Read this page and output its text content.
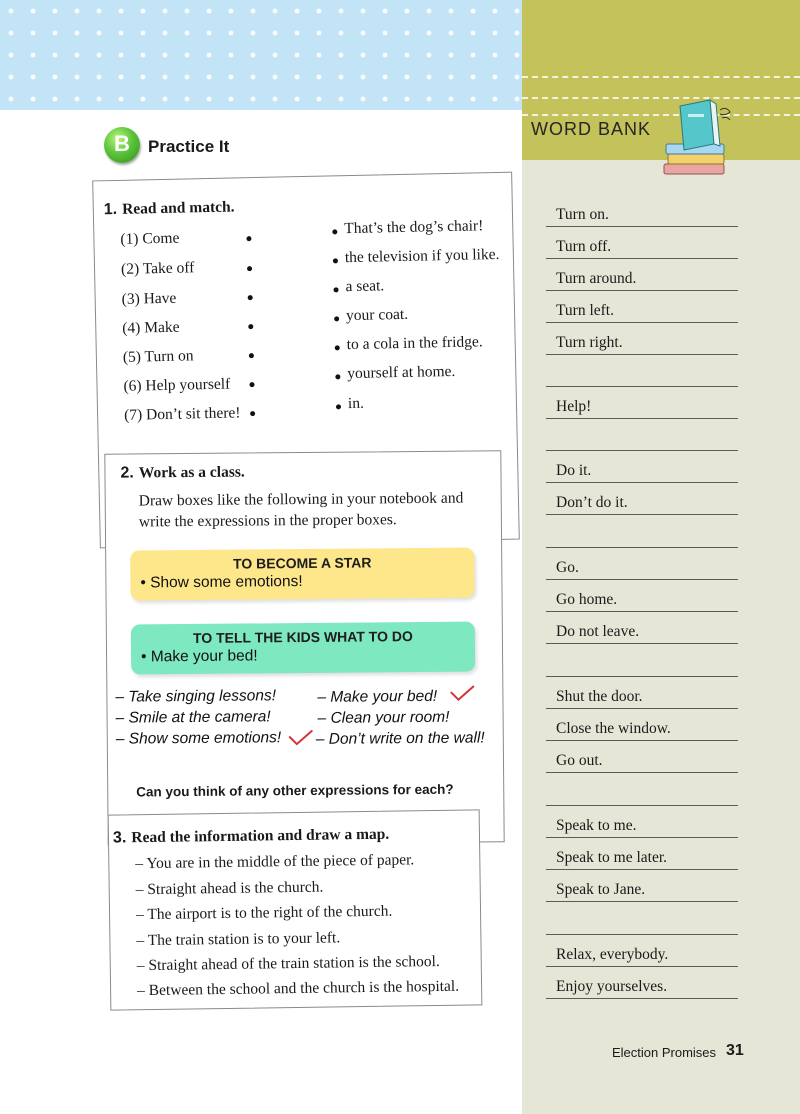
B	Practice It
1. Read and match.
(1) Come
(2) Take off
(3) Have
(4) Make
(5) Turn on
(6) Help yourself
(7) Don’t sit there!
That’s the dog’s chair!
the television if you like.
a seat.
your coat.
to a cola in the fridge.
yourself at home.
in.
2. Work as a class.
Draw boxes like the following in your notebook and write the expressions in the proper boxes.
TO BECOME A STAR
• Show some emotions!
TO TELL THE KIDS WHAT TO DO
• Make your bed!
– Take singing lessons!
– Smile at the camera!
– Show some emotions!
– Make your bed!
– Clean your room!
– Don’t write on the wall!
Can you think of any other expressions for each?
3. Read the information and draw a map.
– You are in the middle of the piece of paper.
– Straight ahead is the church.
– The airport is to the right of the church.
– The train station is to your left.
– Straight ahead of the train station is the school.
– Between the school and the church is the hospital.
WORD BANK
Turn on.
Turn off.
Turn around.
Turn left.
Turn right.
Help!
Do it.
Don’t do it.
Go.
Go home.
Do not leave.
Shut the door.
Close the window.
Go out.
Speak to me.
Speak to me later.
Speak to Jane.
Relax, everybody.
Enjoy yourselves.
Election Promises 31
